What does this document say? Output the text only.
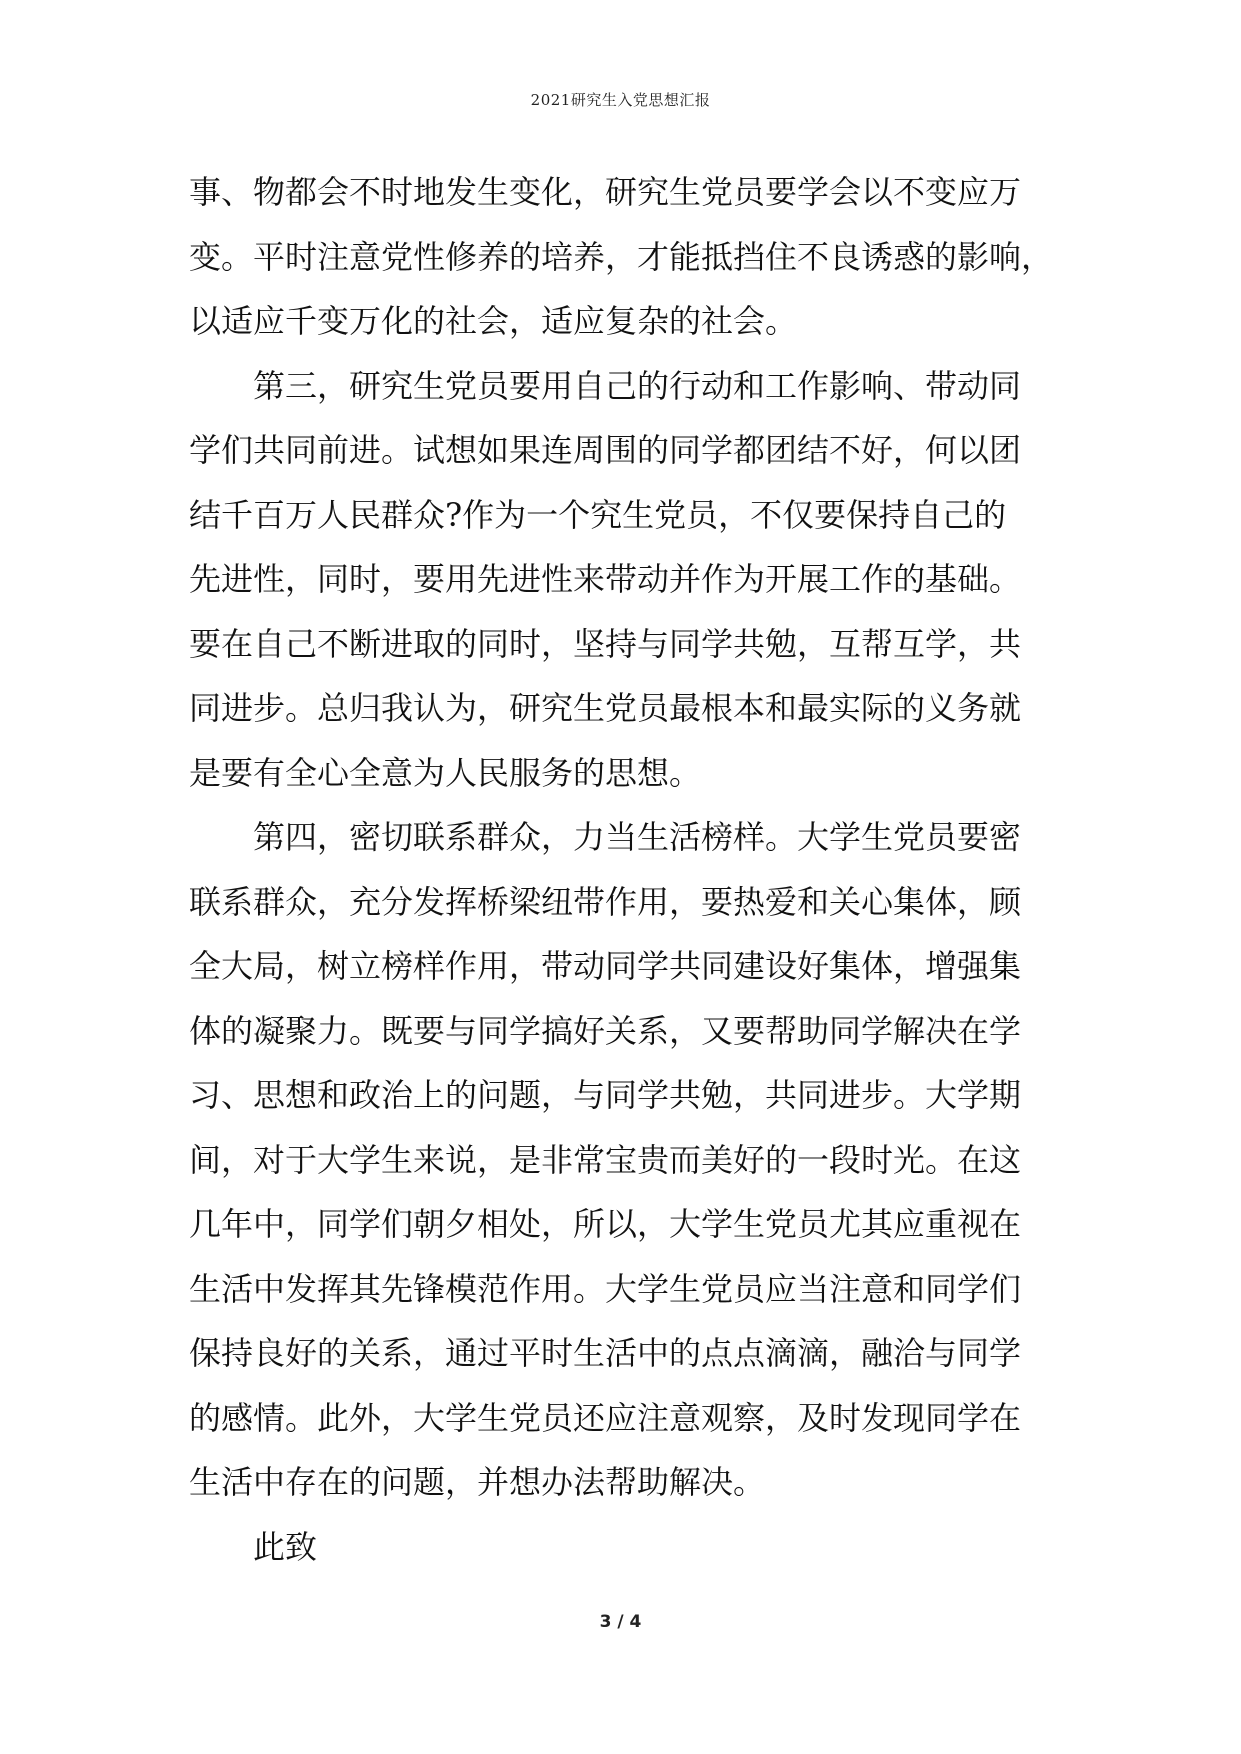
2021研究生入党思想汇报
事、物都会不时地发生变化，研究生党员要学会以不变应万
变。平时注意党性修养的培养，才能抵挡住不良诱惑的影响，
以适应千变万化的社会，适应复杂的社会。
第三，研究生党员要用自己的行动和工作影响、带动同
学们共同前进。试想如果连周围的同学都团结不好，何以团
结千百万人民群众?作为一个究生党员，不仅要保持自己的
先进性，同时，要用先进性来带动并作为开展工作的基础。
要在自己不断进取的同时，坚持与同学共勉，互帮互学，共
同进步。总归我认为，研究生党员最根本和最实际的义务就
是要有全心全意为人民服务的思想。
第四，密切联系群众，力当生活榜样。大学生党员要密
联系群众，充分发挥桥梁纽带作用，要热爱和关心集体，顾
全大局，树立榜样作用，带动同学共同建设好集体，增强集
体的凝聚力。既要与同学搞好关系，又要帮助同学解决在学
习、思想和政治上的问题，与同学共勉，共同进步。大学期
间，对于大学生来说，是非常宝贵而美好的一段时光。在这
几年中，同学们朝夕相处，所以，大学生党员尤其应重视在
生活中发挥其先锋模范作用。大学生党员应当注意和同学们
保持良好的关系，通过平时生活中的点点滴滴，融洽与同学
的感情。此外，大学生党员还应注意观察，及时发现同学在
生活中存在的问题，并想办法帮助解决。
此致
3 / 4
